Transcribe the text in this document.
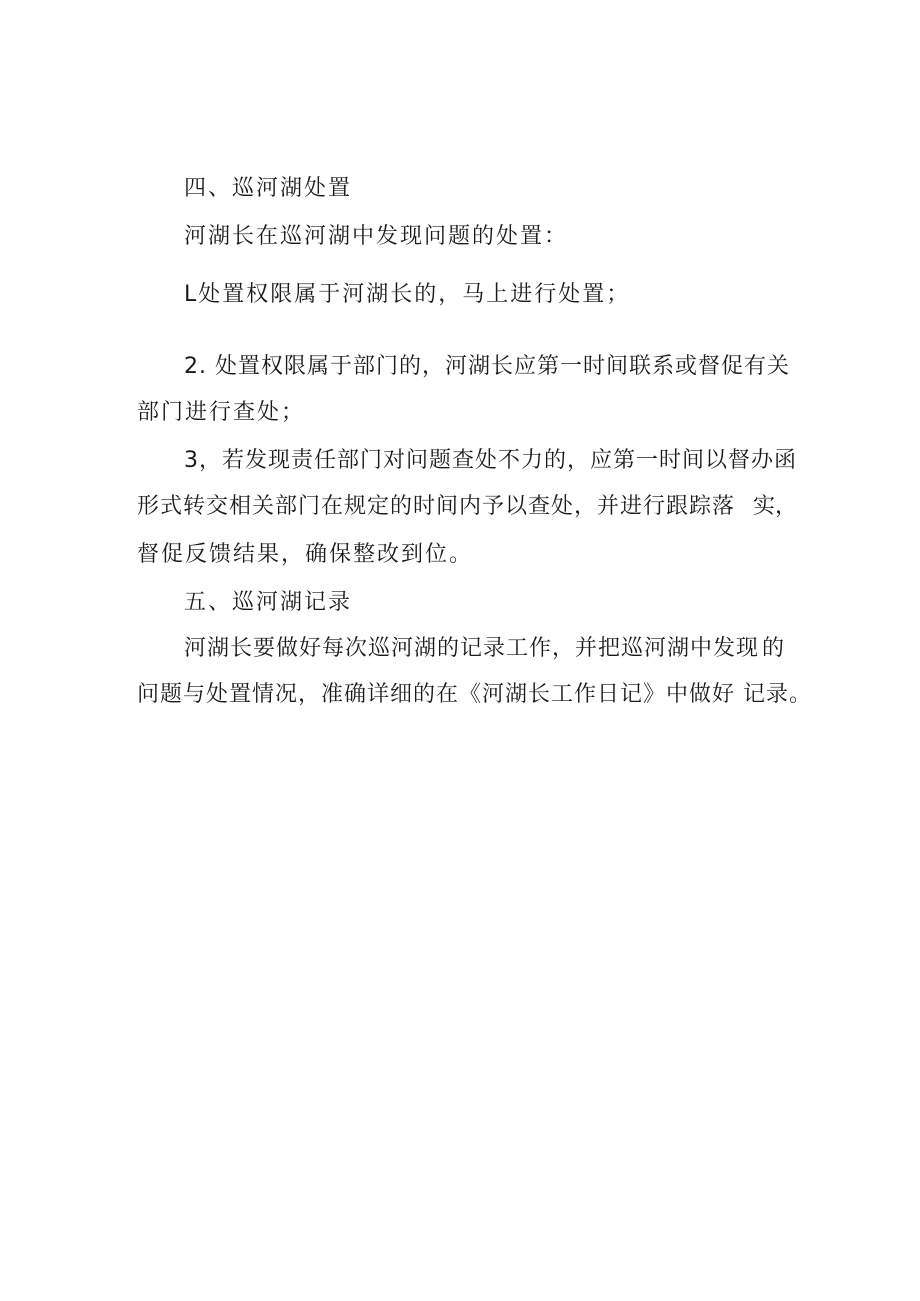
四、巡河湖处置
河湖长在巡河湖中发现问题的处置：
L处置权限属于河湖长的，马上进行处置；
2. 处置权限属于部门的，河湖长应第一时间联系或督促有 关
部门进行查处；
3，若发现责任部门对问题查处不力的，应第一时间以督办 函
形式转交相关部门在规定的时间内予以查处，并进行跟踪落 实，
督促反馈结果，确保整改到位。
五、巡河湖记录
河湖长要做好每次巡河湖的记录工作，并把巡河湖中发现 的
问题与处置情况，准确详细的在《河湖长工作日记》中做好 记录。
